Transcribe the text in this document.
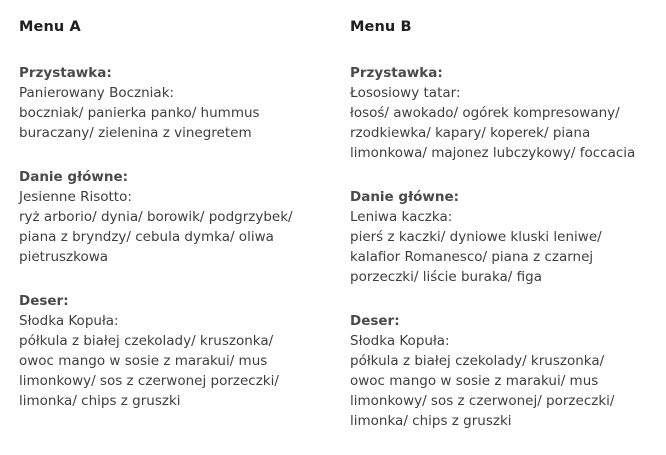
Menu A
Przystawka:
Panierowany Boczniak:
boczniak/ panierka panko/ hummus
buraczany/ zielenina z vinegretem
Danie główne:
Jesienne Risotto:
ryż arborio/ dynia/ borowik/ podgrzybek/
piana z bryndzy/ cebula dymka/ oliwa
pietruszkowa
Deser:
Słodka Kopuła:
półkula z białej czekolady/ kruszonka/
owoc mango w sosie z marakui/ mus
limonkowy/ sos z czerwonej porzeczki/
limonka/ chips z gruszki
Menu B
Przystawka:
Łososiowy tatar:
łosoś/ awokado/ ogórek kompresowany/
rzodkiewka/ kapary/ koperek/ piana
limonkowa/ majonez lubczykowy/ foccacia
Danie główne:
Leniwa kaczka:
pierś z kaczki/ dyniowe kluski leniwe/
kalafior Romanesco/ piana z czarnej
porzeczki/ liście buraka/ figa
Deser:
Słodka Kopuła:
półkula z białej czekolady/ kruszonka/
owoc mango w sosie z marakui/ mus
limonkowy/ sos z czerwonej/ porzeczki/
limonka/ chips z gruszki
